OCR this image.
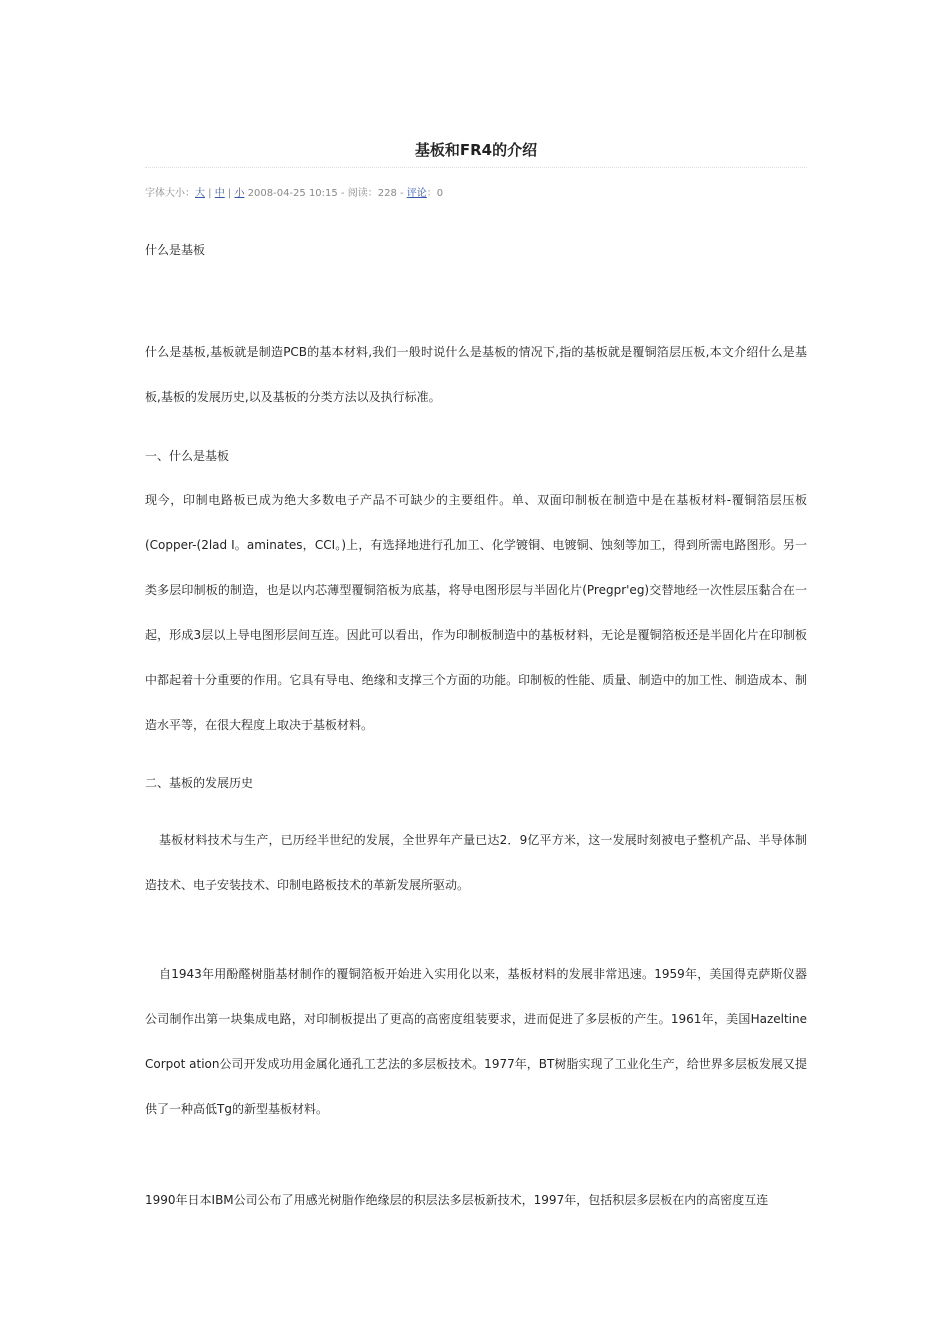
基板和FR4的介绍
字体大小：大 | 中 | 小 2008-04-25 10:15 - 阅读：228 - 评论：0
什么是基板
什么是基板,基板就是制造PCB的基本材料,我们一般时说什么是基板的情况下,指的基板就是覆铜箔层压板,本文介绍什么是基板,基板的发展历史,以及基板的分类方法以及执行标准。
一、什么是基板
现今，印制电路板已成为绝大多数电子产品不可缺少的主要组件。单、双面印制板在制造中是在基板材料-覆铜箔层压板(Copper-(2lad I。aminates，CCI。)上，有选择地进行孔加工、化学镀铜、电镀铜、蚀刻等加工，得到所需电路图形。另一类多层印制板的制造，也是以内芯薄型覆铜箔板为底基，将导电图形层与半固化片(Pregpr'eg)交替地经一次性层压黏合在一起，形成3层以上导电图形层间互连。因此可以看出，作为印制板制造中的基板材料，无论是覆铜箔板还是半固化片在印制板中都起着十分重要的作用。它具有导电、绝缘和支撑三个方面的功能。印制板的性能、质量、制造中的加工性、制造成本、制造水平等，在很大程度上取决于基板材料。
二、基板的发展历史
基板材料技术与生产，已历经半世纪的发展，全世界年产量已达2．9亿平方米，这一发展时刻被电子整机产品、半导体制造技术、电子安装技术、印制电路板技术的革新发展所驱动。
自1943年用酚醛树脂基材制作的覆铜箔板开始进入实用化以来，基板材料的发展非常迅速。1959年，美国得克萨斯仪器公司制作出第一块集成电路，对印制板提出了更高的高密度组装要求，进而促进了多层板的产生。1961年，美国Hazeltine Corpot ation公司开发成功用金属化通孔工艺法的多层板技术。1977年，BT树脂实现了工业化生产，给世界多层板发展又提供了一种高低Tg的新型基板材料。
1990年日本IBM公司公布了用感光树脂作绝缘层的积层法多层板新技术，1997年，包括积层多层板在内的高密度互连
